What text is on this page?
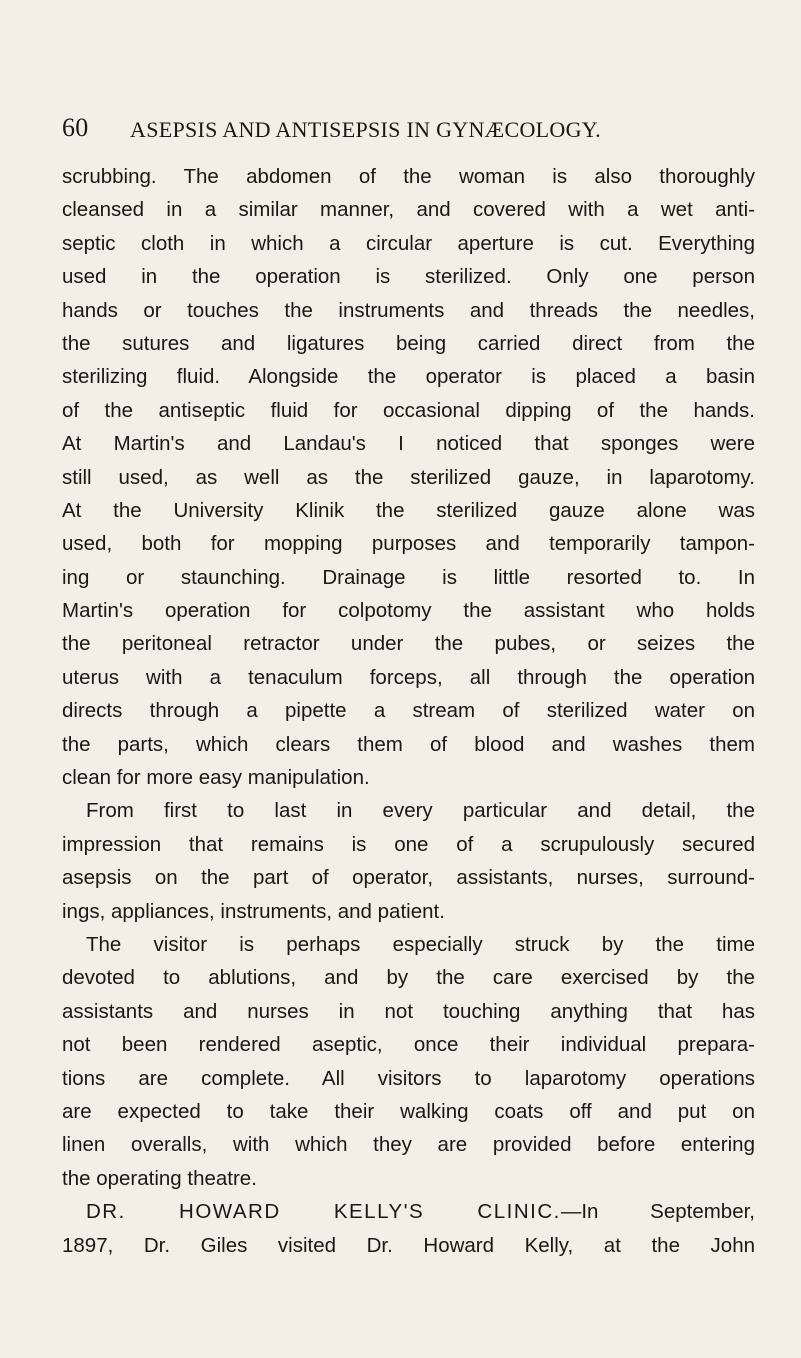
60 ASEPSIS AND ANTISEPSIS IN GYNÆCOLOGY.
scrubbing. The abdomen of the woman is also thoroughly
cleansed in a similar manner, and covered with a wet anti-
septic cloth in which a circular aperture is cut. Everything
used in the operation is sterilized. Only one person
hands or touches the instruments and threads the needles,
the sutures and ligatures being carried direct from the
sterilizing fluid. Alongside the operator is placed a basin
of the antiseptic fluid for occasional dipping of the hands.
At Martin's and Landau's I noticed that sponges were
still used, as well as the sterilized gauze, in laparotomy.
At the University Klinik the sterilized gauze alone was
used, both for mopping purposes and temporarily tampon-
ing or staunching. Drainage is little resorted to. In
Martin's operation for colpotomy the assistant who holds
the peritoneal retractor under the pubes, or seizes the
uterus with a tenaculum forceps, all through the operation
directs through a pipette a stream of sterilized water on
the parts, which clears them of blood and washes them
clean for more easy manipulation.
From first to last in every particular and detail, the
impression that remains is one of a scrupulously secured
asepsis on the part of operator, assistants, nurses, surround-
ings, appliances, instruments, and patient.
The visitor is perhaps especially struck by the time
devoted to ablutions, and by the care exercised by the
assistants and nurses in not touching anything that has
not been rendered aseptic, once their individual prepara-
tions are complete. All visitors to laparotomy operations
are expected to take their walking coats off and put on
linen overalls, with which they are provided before entering
the operating theatre.
DR. HOWARD KELLY'S CLINIC.—In September,
1897, Dr. Giles visited Dr. Howard Kelly, at the John
